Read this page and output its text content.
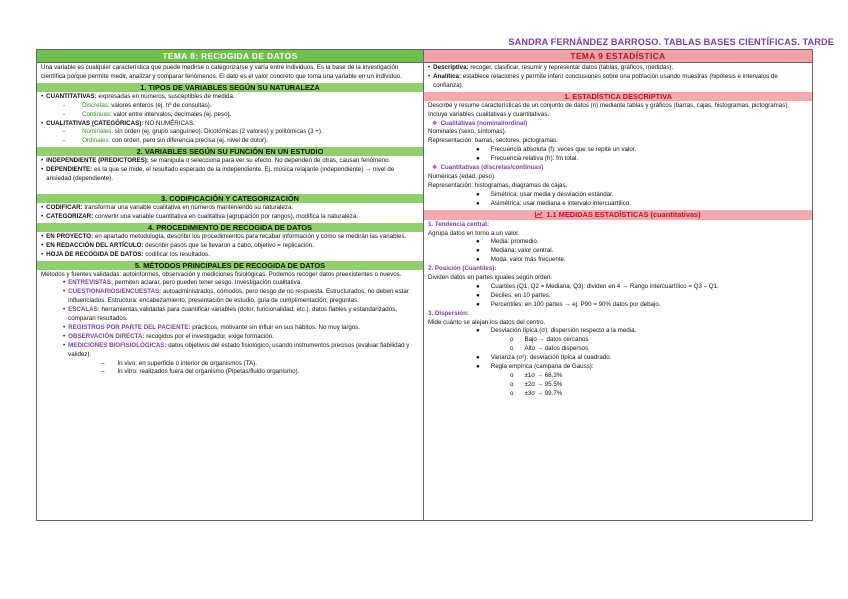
SANDRA FERNÁNDEZ BARROSO. TABLAS BASES CIENTÍFICAS. TARDE
TEMA 8: RECOGIDA DE DATOS

Una variable es cualquier característica que puede medirse o categorizarse y varía entre individuos. Es la base de la investigación científica porque permite medir, analizar y comparar fenómenos. El dato es el valor concreto que toma una variable en un individuo.

1. TIPOS DE VARIABLES SEGÚN SU NATURALEZA
• CUANTITATIVAS: expresadas en números, susceptibles de medida.
-	Discretas: valores enteros (ej. nº de consultas).
-	Continuas: valor entre intervalos, decimales (ej. peso).
• CUALITATIVAS (CATEGÓRICAS): NO NUMÉRICAS.
-	Nominales: sin orden (ej. grupo sanguíneo). Dicotómicas (2 valores) y politómicas (3 +).
-	Ordinales: con orden, pero sin diferencia precisa (ej. nivel de dolor).
2. VARIABLES SEGÚN SU FUNCIÓN EN UN ESTUDIO
• INDEPENDIENTE (PREDICTORES): se manipula o selecciona para ver su efecto. No dependen de otras, causan fenómeno.
• DEPENDIENTE: es la que se mide, el resultado esperado de la independiente. Ej. música relajante (independiente) → nivel de ansiedad (dependiente).
3. CODIFICACIÓN Y CATEGORIZACIÓN
• CODIFICAR: transformar una variable cualitativa en números manteniendo su naturaleza.
• CATEGORIZAR: convertir una variable cuantitativa en cualitativa (agrupación por rangos), modifica la naturaleza.
4. PROCEDIMIENTO DE RECOGIDA DE DATOS
• EN PROYECTO: en apartado metodología, describir los procedimientos para recabar información y cómo se medirán las variables.
• EN REDACCIÓN DEL ARTÍCULO: describir pasos que se llevaron a cabo, objetivo = replicación.
• HOJA DE RECOGIDA DE DATOS: codificar los resultados.
5. MÉTODOS PRINCIPALES DE RECOGIDA DE DATOS

Métodos y fuentes validadas: autoinformes, observación y mediciones fisiológicas. Podemos recoger datos preexistentes o nuevos.

• ENTREVISTAS: permiten aclarar, pero pueden tener sesgo. Investigación cualitativa.
• CUESTIONARIOS/ENCUESTAS: autoadministrados, cómodos, pero riesgo de no respuesta. Estructurados, no deben estar influenciados. Estructura: encabezamiento, presentación de estudio, guía de cumplimentación, preguntas.
• ESCALAS: herramientas validadas para cuantificar variables (dolor, funcionalidad, etc.). datos fiables y estandarizados, comparan resultados.
• REGISTROS POR PARTE DEL PACIENTE: prácticos, motivante sin influir en sus hábitos. No muy largos.
• OBSERVACIÓN DIRECTA: recogidos por el investigador, exige formación.
• MEDICIONES BIOFISIOLÓGICAS: datos objetivos del estado fisiológico, usando instrumentos precisos (evaluar fiabilidad y validez).
–	In vivo: en superficie o interior de organismos (TA).
–	In vitro: realizados fuera del organismo (Pipetas/fluido organismo).
TEMA 9 ESTADÍSTICA
• Descriptiva: recoger, clasificar, resumir y representar datos (tablas, gráficos, medidas).
• Analítica: establece relaciones y permite inferir conclusiones sobre una población usando muestras (hipótesis e intervalos de confianza).
1. ESTADÍSTICA DESCRIPTIVA

Describe y resume características de un conjunto de datos (n) mediante tablas y gráficos (barras, cajas, histogramas, pictogramas). Incluye variables cualitativas y cuantitativas.

❖ Cualitativas (nominal/ordinal)

Nominales (sexo, síntomas).

Representación: barras, sectores, pictogramas.

●	Frecuencia absoluta (f): veces que se repite un valor.
●	Frecuencia relativa (fr): f/n total.
❖ Cuantitativas (discretas/continuas)

Numéricas (edad, peso).

Representación: histogramas, diagramas de cajas.

●	Simétrica: usar media y desviación estándar.
●	Asimétrica: usar mediana e intervalo intercuartílico.
1.1 MEDIDAS ESTADÍSTICAS (cuantitativas)

1. Tendencia central:

Agrupa datos en torno a un valor.

●	Media: promedio.
●	Mediana: valor central.
●	Moda: valor más frecuente.

2. Posición (Cuantiles):

Dividen datos en partes iguales según orden.

●	Cuartiles (Q1, Q2 = Mediana, Q3): dividen en 4 → Rango intercuartílico = Q3 – Q1.
●	Deciles: en 10 partes.
●	Percentiles: en 100 partes → ej. P90 = 90% datos por debajo.

3. Dispersión:

Mide cuánto se alejan los datos del centro.

●	Desviación típica (σ): dispersión respecto a la media.
o	Bajo → datos cercanos
o	Alto → datos dispersos
●	Varianza (σ²): desviación típica al cuadrado.
●	Regla empírica (campana de Gauss):
o	±1σ → 68.3%
o	±2σ → 95.5%
o	±3σ → 99.7%
